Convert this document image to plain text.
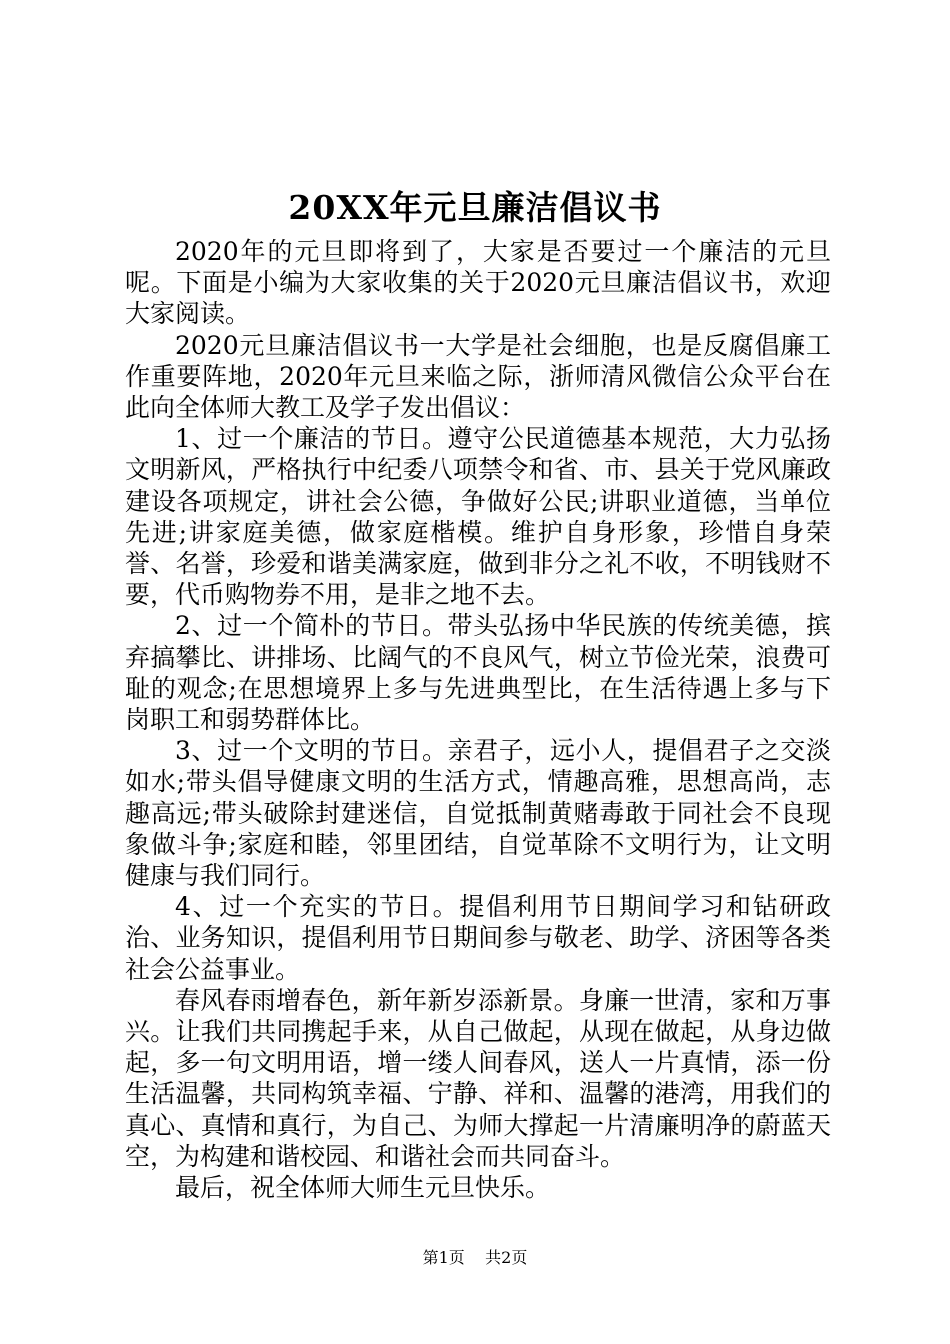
20XX年元旦廉洁倡议书

2020年的元旦即将到了，大家是否要过一个廉洁的元旦呢。下面是小编为大家收集的关于2020元旦廉洁倡议书，欢迎大家阅读。

2020元旦廉洁倡议书一大学是社会细胞，也是反腐倡廉工作重要阵地，2020年元旦来临之际，浙师清风微信公众平台在此向全体师大教工及学子发出倡议：

1、过一个廉洁的节日。遵守公民道德基本规范，大力弘扬文明新风，严格执行中纪委八项禁令和省、市、县关于党风廉政建设各项规定，讲社会公德，争做好公民;讲职业道德，当单位先进;讲家庭美德，做家庭楷模。维护自身形象，珍惜自身荣誉、名誉，珍爱和谐美满家庭，做到非分之礼不收，不明钱财不要，代币购物券不用，是非之地不去。

2、过一个简朴的节日。带头弘扬中华民族的传统美德，摈弃搞攀比、讲排场、比阔气的不良风气，树立节俭光荣，浪费可耻的观念;在思想境界上多与先进典型比，在生活待遇上多与下岗职工和弱势群体比。

3、过一个文明的节日。亲君子，远小人，提倡君子之交淡如水;带头倡导健康文明的生活方式，情趣高雅，思想高尚，志趣高远;带头破除封建迷信，自觉抵制黄赌毒敢于同社会不良现象做斗争;家庭和睦，邻里团结，自觉革除不文明行为，让文明健康与我们同行。

4、过一个充实的节日。提倡利用节日期间学习和钻研政治、业务知识，提倡利用节日期间参与敬老、助学、济困等各类社会公益事业。

春风春雨增春色，新年新岁添新景。身廉一世清，家和万事兴。让我们共同携起手来，从自己做起，从现在做起，从身边做起，多一句文明用语，增一缕人间春风，送人一片真情，添一份生活温馨，共同构筑幸福、宁静、祥和、温馨的港湾，用我们的真心、真情和真行，为自己、为师大撑起一片清廉明净的蔚蓝天空，为构建和谐校园、和谐社会而共同奋斗。

最后，祝全体师大师生元旦快乐。

第1页 共2页
